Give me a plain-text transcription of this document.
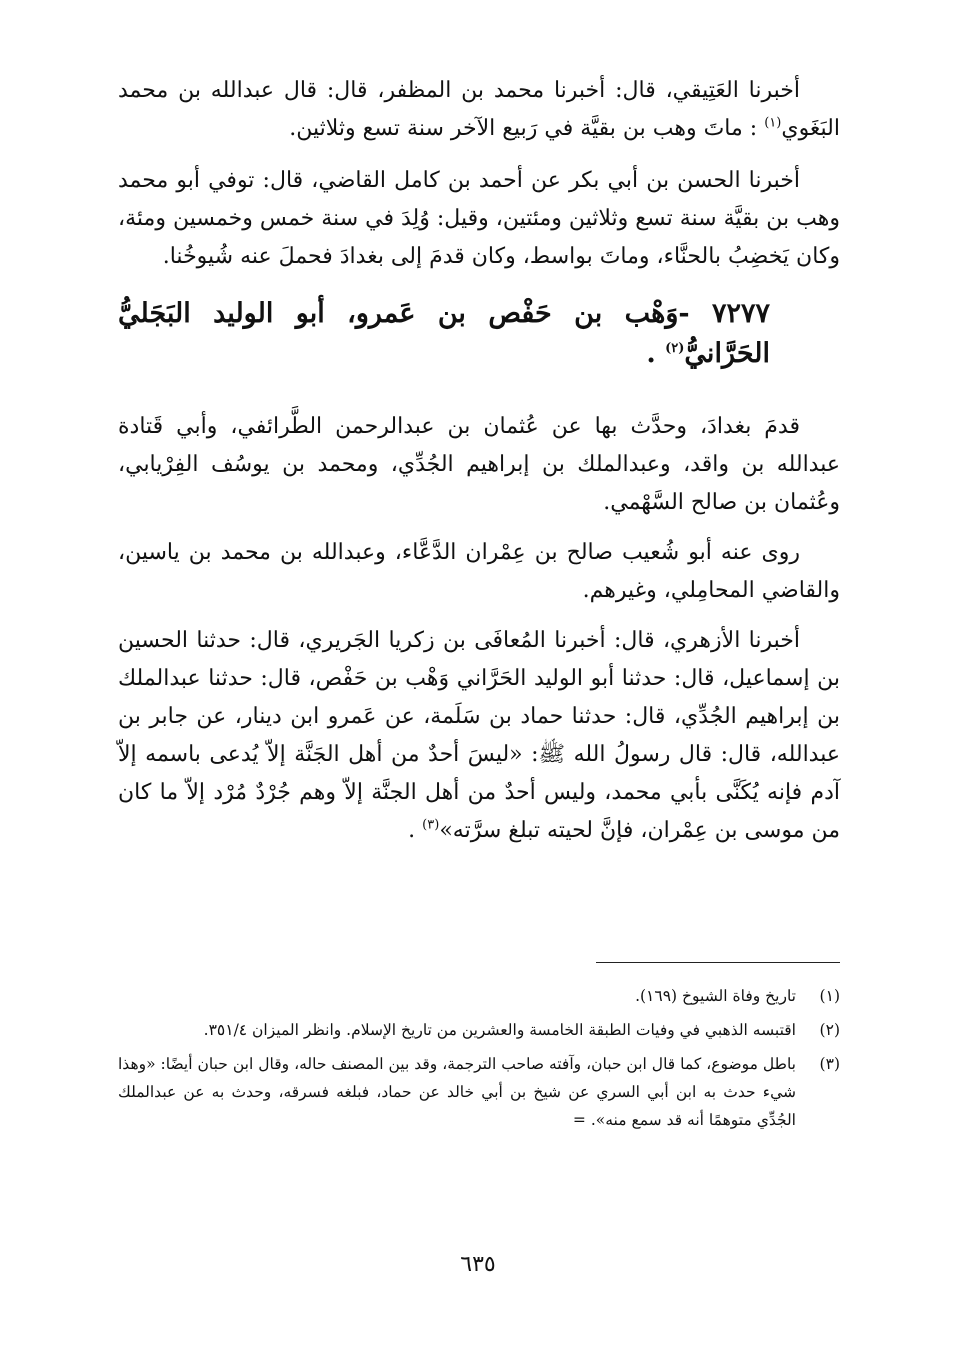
أخبرنا العَتِيقي، قال: أخبرنا محمد بن المظفر، قال: قال عبدالله بن محمد البَغَوي$^{(١)}$ : ماتَ وهب بن بقيَّة في رَبيع الآخر سنة تسع وثلاثين.

أخبرنا الحسن بن أبي بكر عن أحمد بن كامل القاضي، قال: توفي أبو محمد وهب بن بقيَّة سنة تسع وثلاثين ومئتين، وقيل: وُلِدَ في سنة خمس وخمسين ومئة، وكان يَخضِبُ بالحنَّاء، وماتَ بواسط، وكان قدمَ إلى بغدادَ فحملَ عنه شُيوخُنا.

٧٢٧٧ -وَهْب بن حَفْص بن عَمرو، أبو الوليد البَجَليُّ الحَرَّانيُّ$^{(٢)}$ .

قدمَ بغدادَ، وحدَّث بها عن عُثمان بن عبدالرحمن الطَّرائفي، وأبي قَتادة عبدالله بن واقد، وعبدالملك بن إبراهيم الجُدِّي، ومحمد بن يوسُف الفِرْيابي، وعُثمان بن صالح السَّهْمي.

روى عنه أبو شُعيب صالح بن عِمْران الدَّعَّاء، وعبدالله بن محمد بن ياسين، والقاضي المحامِلي، وغيرهم.

أخبرنا الأزهري، قال: أخبرنا المُعافَى بن زكريا الجَريري، قال: حدثنا الحسين بن إسماعيل، قال: حدثنا أبو الوليد الحَرَّاني وَهْب بن حَفْص، قال: حدثنا عبدالملك بن إبراهيم الجُدِّي، قال: حدثنا حماد بن سَلَمة، عن عَمرو ابن دينار، عن جابر بن عبدالله، قال: قال رسولُ الله ﷺ: «ليسَ أحدٌ من أهل الجَنَّة إلاّ يُدعى باسمه إلاّ آدم فإنه يُكَنَّى بأبي محمد، وليس أحدٌ من أهل الجنَّة إلاّ وهم جُرْدٌ مُرْد إلاّ ما كان من موسى بن عِمْران، فإنَّ لحيته تبلغ سرَّته»$^{(٣)}$ .

(١)
تاريخ وفاة الشيوخ (١٦٩).
(٢)
اقتبسه الذهبي في وفيات الطبقة الخامسة والعشرين من تاريخ الإسلام. وانظر الميزان ٣٥١/٤.
(٣)
باطل موضوع، كما قال ابن حبان، وآفته صاحب الترجمة، وقد بين المصنف حاله، وقال ابن حبان أيضًا: «وهذا شيء حدث به ابن أبي السري عن شيخ بن أبي خالد عن حماد، فبلغه فسرقه، وحدث به عن عبدالملك الجُدِّي متوهمًا أنه قد سمع منه». =
٦٣٥
